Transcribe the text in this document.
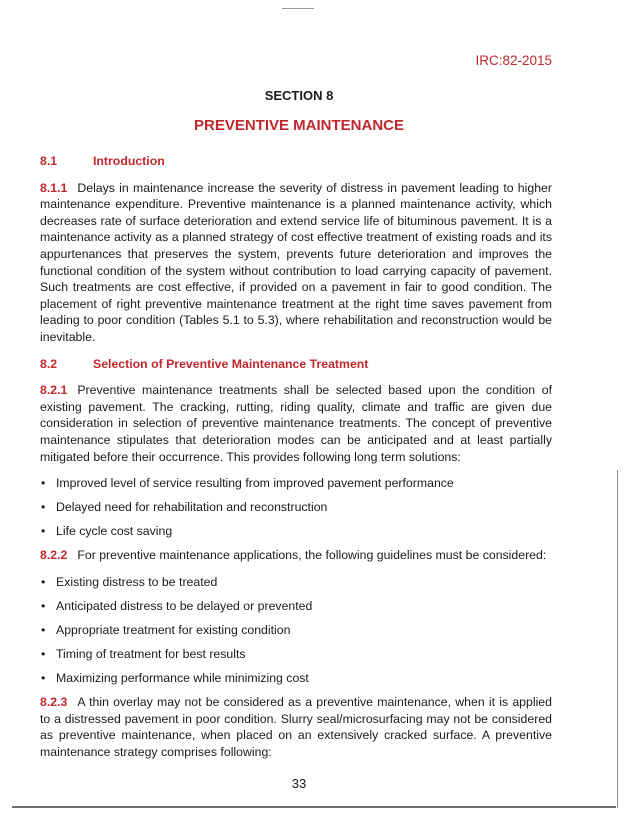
IRC:82-2015
SECTION 8
PREVENTIVE MAINTENANCE
8.1	Introduction
8.1.1 Delays in maintenance increase the severity of distress in pavement leading to higher maintenance expenditure. Preventive maintenance is a planned maintenance activity, which decreases rate of surface deterioration and extend service life of bituminous pavement. It is a maintenance activity as a planned strategy of cost effective treatment of existing roads and its appurtenances that preserves the system, prevents future deterioration and improves the functional condition of the system without contribution to load carrying capacity of pavement. Such treatments are cost effective, if provided on a pavement in fair to good condition. The placement of right preventive maintenance treatment at the right time saves pavement from leading to poor condition (Tables 5.1 to 5.3), where rehabilitation and reconstruction would be inevitable.
8.2	Selection of Preventive Maintenance Treatment
8.2.1 Preventive maintenance treatments shall be selected based upon the condition of existing pavement. The cracking, rutting, riding quality, climate and traffic are given due consideration in selection of preventive maintenance treatments. The concept of preventive maintenance stipulates that deterioration modes can be anticipated and at least partially mitigated before their occurrence. This provides following long term solutions:
• Improved level of service resulting from improved pavement performance
• Delayed need for rehabilitation and reconstruction
• Life cycle cost saving
8.2.2 For preventive maintenance applications, the following guidelines must be considered:
• Existing distress to be treated
• Anticipated distress to be delayed or prevented
• Appropriate treatment for existing condition
• Timing of treatment for best results
• Maximizing performance while minimizing cost
8.2.3 A thin overlay may not be considered as a preventive maintenance, when it is applied to a distressed pavement in poor condition. Slurry seal/microsurfacing may not be considered as preventive maintenance, when placed on an extensively cracked surface. A preventive maintenance strategy comprises following:
33
